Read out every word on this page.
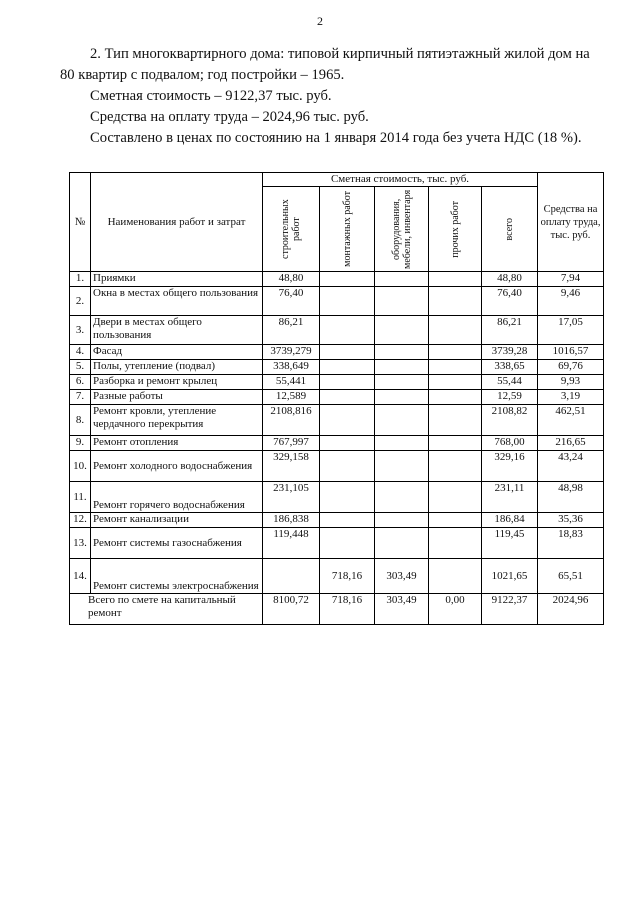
2
2. Тип многоквартирного дома: типовой кирпичный пятиэтажный жилой дом на 80 квартир с подвалом; год постройки – 1965.
Сметная стоимость – 9122,37 тыс. руб.
Средства на оплату труда – 2024,96 тыс. руб.
Составлено в ценах по состоянию на 1 января 2014 года без учета НДС (18 %).
№	Наименования работ и затрат	Сметная стоимость, тыс. руб.					Средства на оплату труда, тыс. руб.

		строительных работ	монтажных работ	оборудования, мебели, инвентаря	прочих работ	всего	

1.	Приямки	48,80				48,80	7,94
2.	Окна в местах общего пользования	76,40				76,40	9,46
3.	Двери в местах общего пользования	86,21				86,21	17,05
4.	Фасад	3739,279				3739,28	1016,57
5.	Полы, утепление (подвал)	338,649				338,65	69,76
6.	Разборка и ремонт крылец	55,441				55,44	9,93
7.	Разные работы	12,589				12,59	3,19
8.	Ремонт кровли, утепление чердачного перекрытия	2108,816				2108,82	462,51
9.	Ремонт отопления	767,997				768,00	216,65
10.	Ремонт холодного водоснабжения	329,158				329,16	43,24
11.	Ремонт горячего водоснабжения	231,105				231,11	48,98
12.	Ремонт канализации	186,838				186,84	35,36
13.	Ремонт системы газоснабжения	119,448				119,45	18,83
14.	Ремонт системы электроснабжения		718,16	303,49		1021,65	65,51
Всего по смете на капитальный ремонт		8100,72	718,16	303,49	0,00	9122,37	2024,96
